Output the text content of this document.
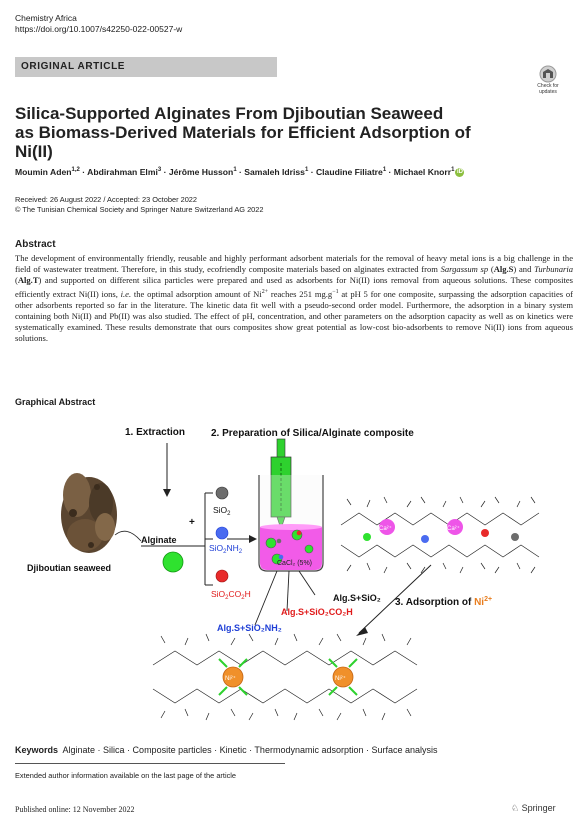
Chemistry Africa
https://doi.org/10.1007/s42250-022-00527-w
ORIGINAL ARTICLE
Check for
updates
Silica-Supported Alginates From Djiboutian Seaweed
as Biomass-Derived Materials for Efficient Adsorption of Ni(II)
Moumin Aden$^{1,2}$ · Abdirahman Elmi$^3$ · Jérôme Husson$^1$ · Samaleh Idriss$^1$ · Claudine Filiatre$^1$ · Michael Knorr$^1$ iD
Received: 26 August 2022 / Accepted: 23 October 2022
© The Tunisian Chemical Society and Springer Nature Switzerland AG 2022
Abstract
The development of environmentally friendly, reusable and highly performant adsorbent materials for the removal of heavy metal ions is a big challenge in the field of wastewater treatment. Therefore, in this study, ecofriendly composite materials based on alginates extracted from Sargassum sp (Alg.S) and Turbunaria (Alg.T) and supported on different silica particles were prepared and used as adsorbents for Ni(II) ions removal from aqueous solutions. These composites efficiently extract Ni(II) ions, i.e. the optimal adsorption amount of $Ni^{2+}$ reaches 251 $mg.g^{-1}$ at pH 5 for one composite, surpassing the adsorption capacities of other adsorbents reported so far in the literature. The kinetic data fit well with a pseudo-second order model. Furthermore, the adsorption in a binary system containing both Ni(II) and Pb(II) was also studied. The effect of pH, concentration, and other parameters on the adsorption capacity as well as on kinetics were systematically examined. These results demonstrate that ours composites show great potential as low-cost bio-adsorbents to remove Ni(II) ions from aqueous solutions.
Graphical Abstract
1. Extraction	2. Preparation of Silica/Alginate composite
Djiboutian seaweed
Alginate
+
SiO$_2$
$SiO_2NH_2$
$SiO_2CO_2H$
CaCl₂ (5%)
Alg.S+SiO₂
Alg.S+SiO₂CO₂H
Alg.S+SiO₂NH₂
Ca²⁺	Ca²⁺
3. Adsorption of $Ni^{2+}$
Ni²⁺	Ni²⁺
Keywords Alginate · Silica · Composite particles · Kinetic · Thermodynamic adsorption · Surface analysis
Extended author information available on the last page of the article
Published online: 12 November 2022	♘ Springer
